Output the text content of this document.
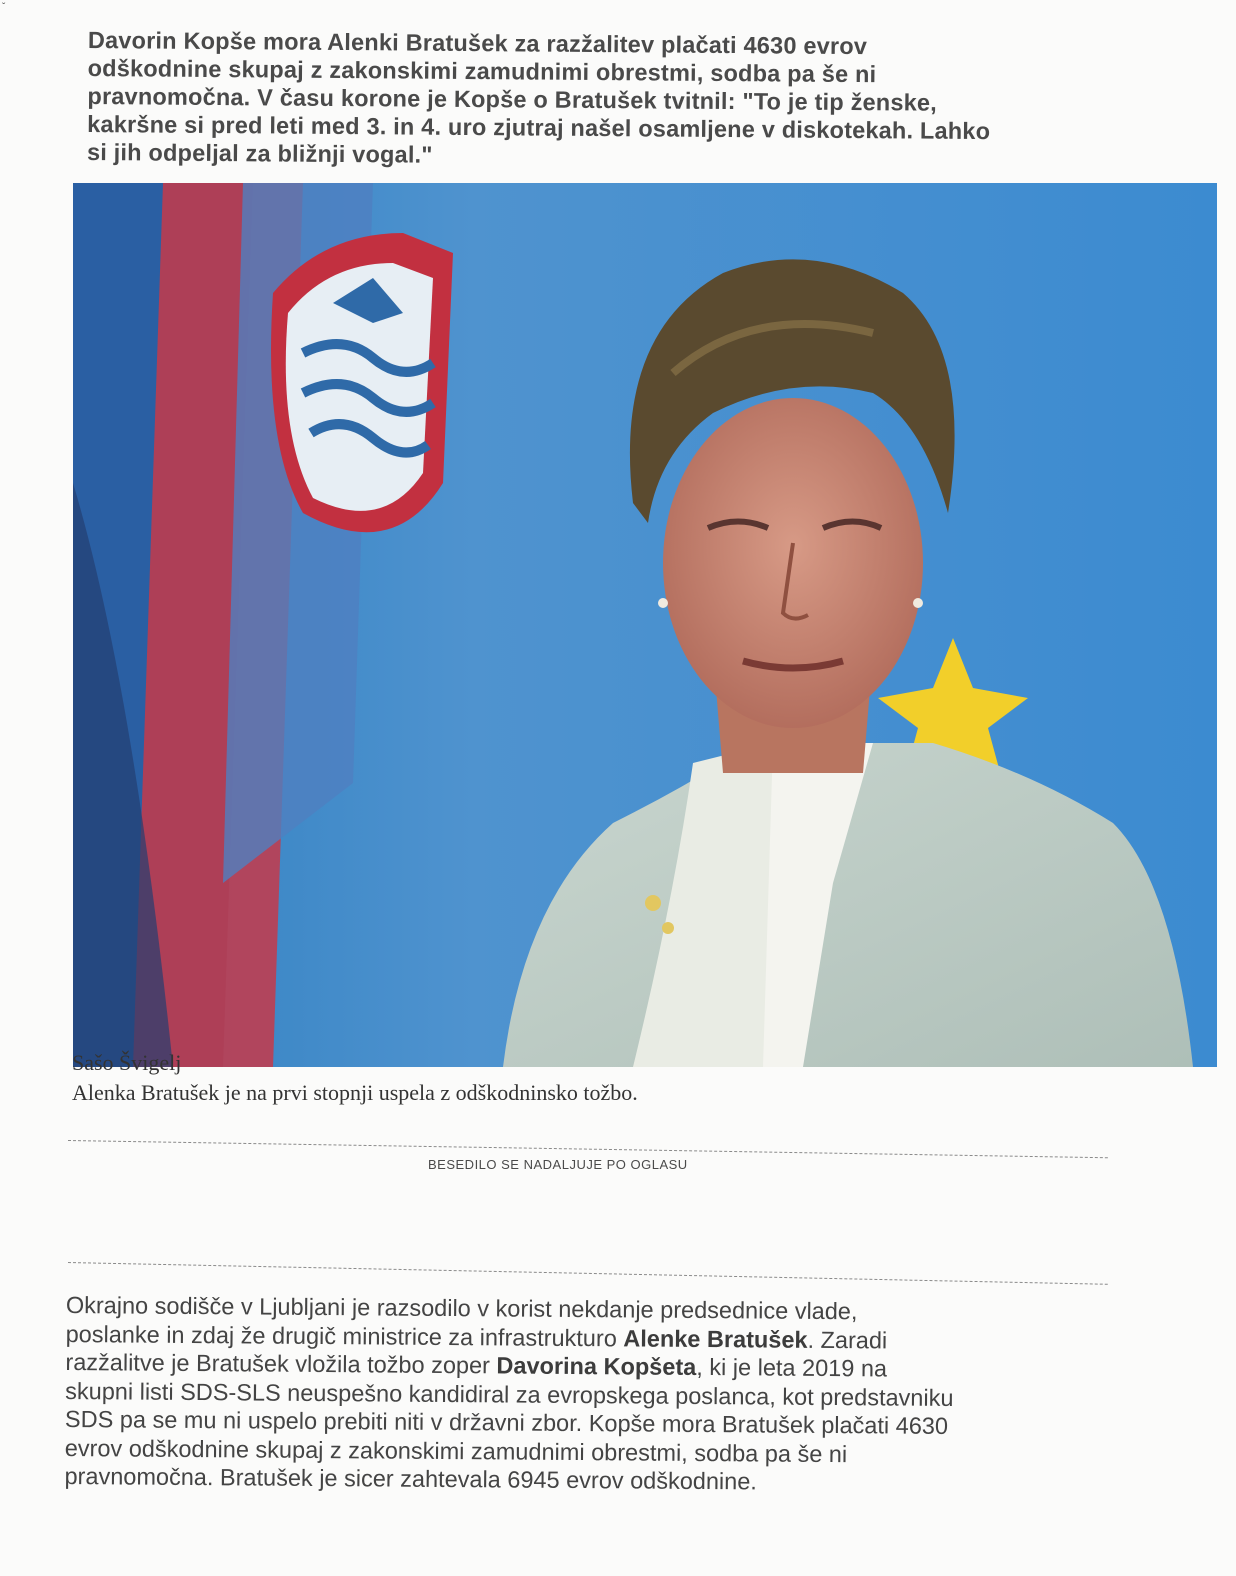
ˇ

Davorin Kopše mora Alenki Bratušek za razžalitev plačati 4630 evrov
odškodnine skupaj z zakonskimi zamudnimi obrestmi, sodba pa še ni
pravnomočna. V času korone je Kopše o Bratušek tvitnil: "To je tip ženske,
kakršne si pred leti med 3. in 4. uro zjutraj našel osamljene v diskotekah. Lahko
si jih odpeljal za bližnji vogal."

Sašo Švigelj

Alenka Bratušek je na prvi stopnji uspela z odškodninsko tožbo.

BESEDILO SE NADALJUJE PO OGLASU

Okrajno sodišče v Ljubljani je razsodilo v korist nekdanje predsednice vlade,
poslanke in zdaj že drugič ministrice za infrastrukturo Alenke Bratušek. Zaradi
razžalitve je Bratušek vložila tožbo zoper Davorina Kopšeta, ki je leta 2019 na
skupni listi SDS-SLS neuspešno kandidiral za evropskega poslanca, kot predstavniku
SDS pa se mu ni uspelo prebiti niti v državni zbor. Kopše mora Bratušek plačati 4630
evrov odškodnine skupaj z zakonskimi zamudnimi obrestmi, sodba pa še ni
pravnomočna. Bratušek je sicer zahtevala 6945 evrov odškodnine.
